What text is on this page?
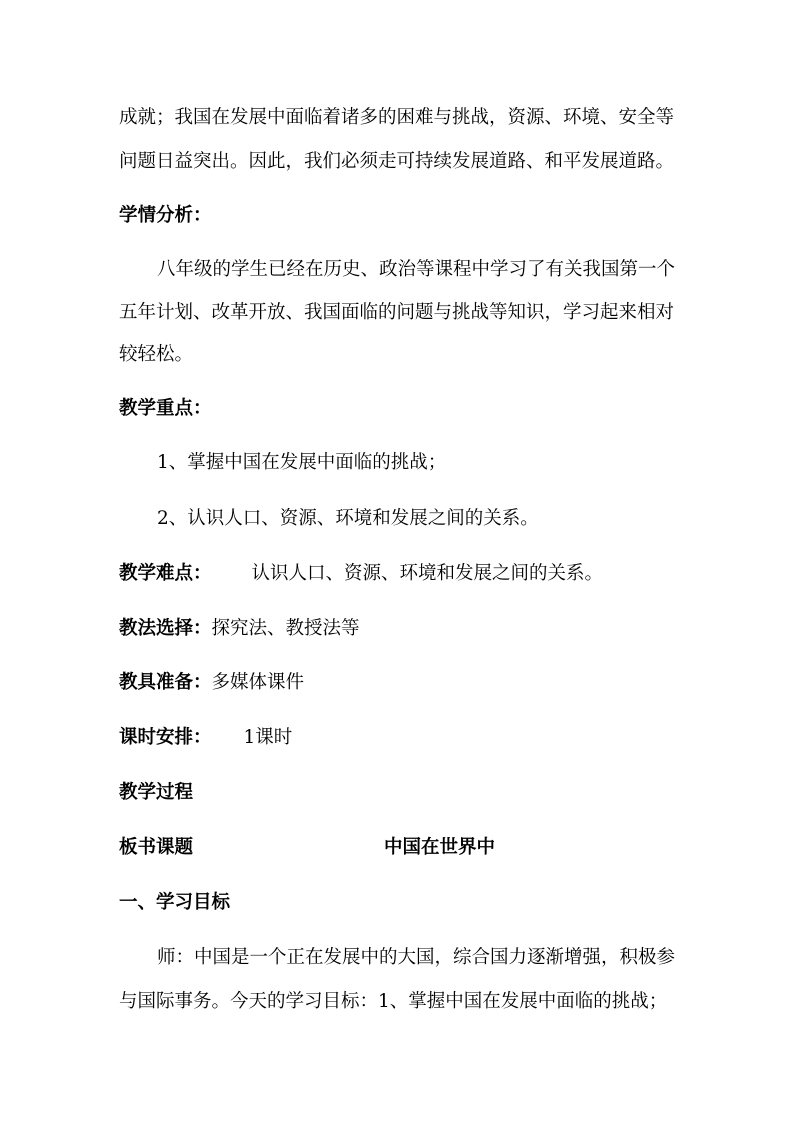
成就；我国在发展中面临着诸多的困难与挑战，资源、环境、安全等
问题日益突出。因此，我们必须走可持续发展道路、和平发展道路。
学情分析：
八年级的学生已经在历史、政治等课程中学习了有关我国第一个
五年计划、改革开放、我国面临的问题与挑战等知识，学习起来相对
较轻松。
教学重点：
1、掌握中国在发展中面临的挑战；
2、认识人口、资源、环境和发展之间的关系。
教学难点： 认识人口、资源、环境和发展之间的关系。
教法选择：探究法、教授法等
教具准备：多媒体课件
课时安排： 1课时
教学过程
板书课题	中国在世界中
一、学习目标
师：中国是一个正在发展中的大国，综合国力逐渐增强，积极参
与国际事务。今天的学习目标：1、掌握中国在发展中面临的挑战；
